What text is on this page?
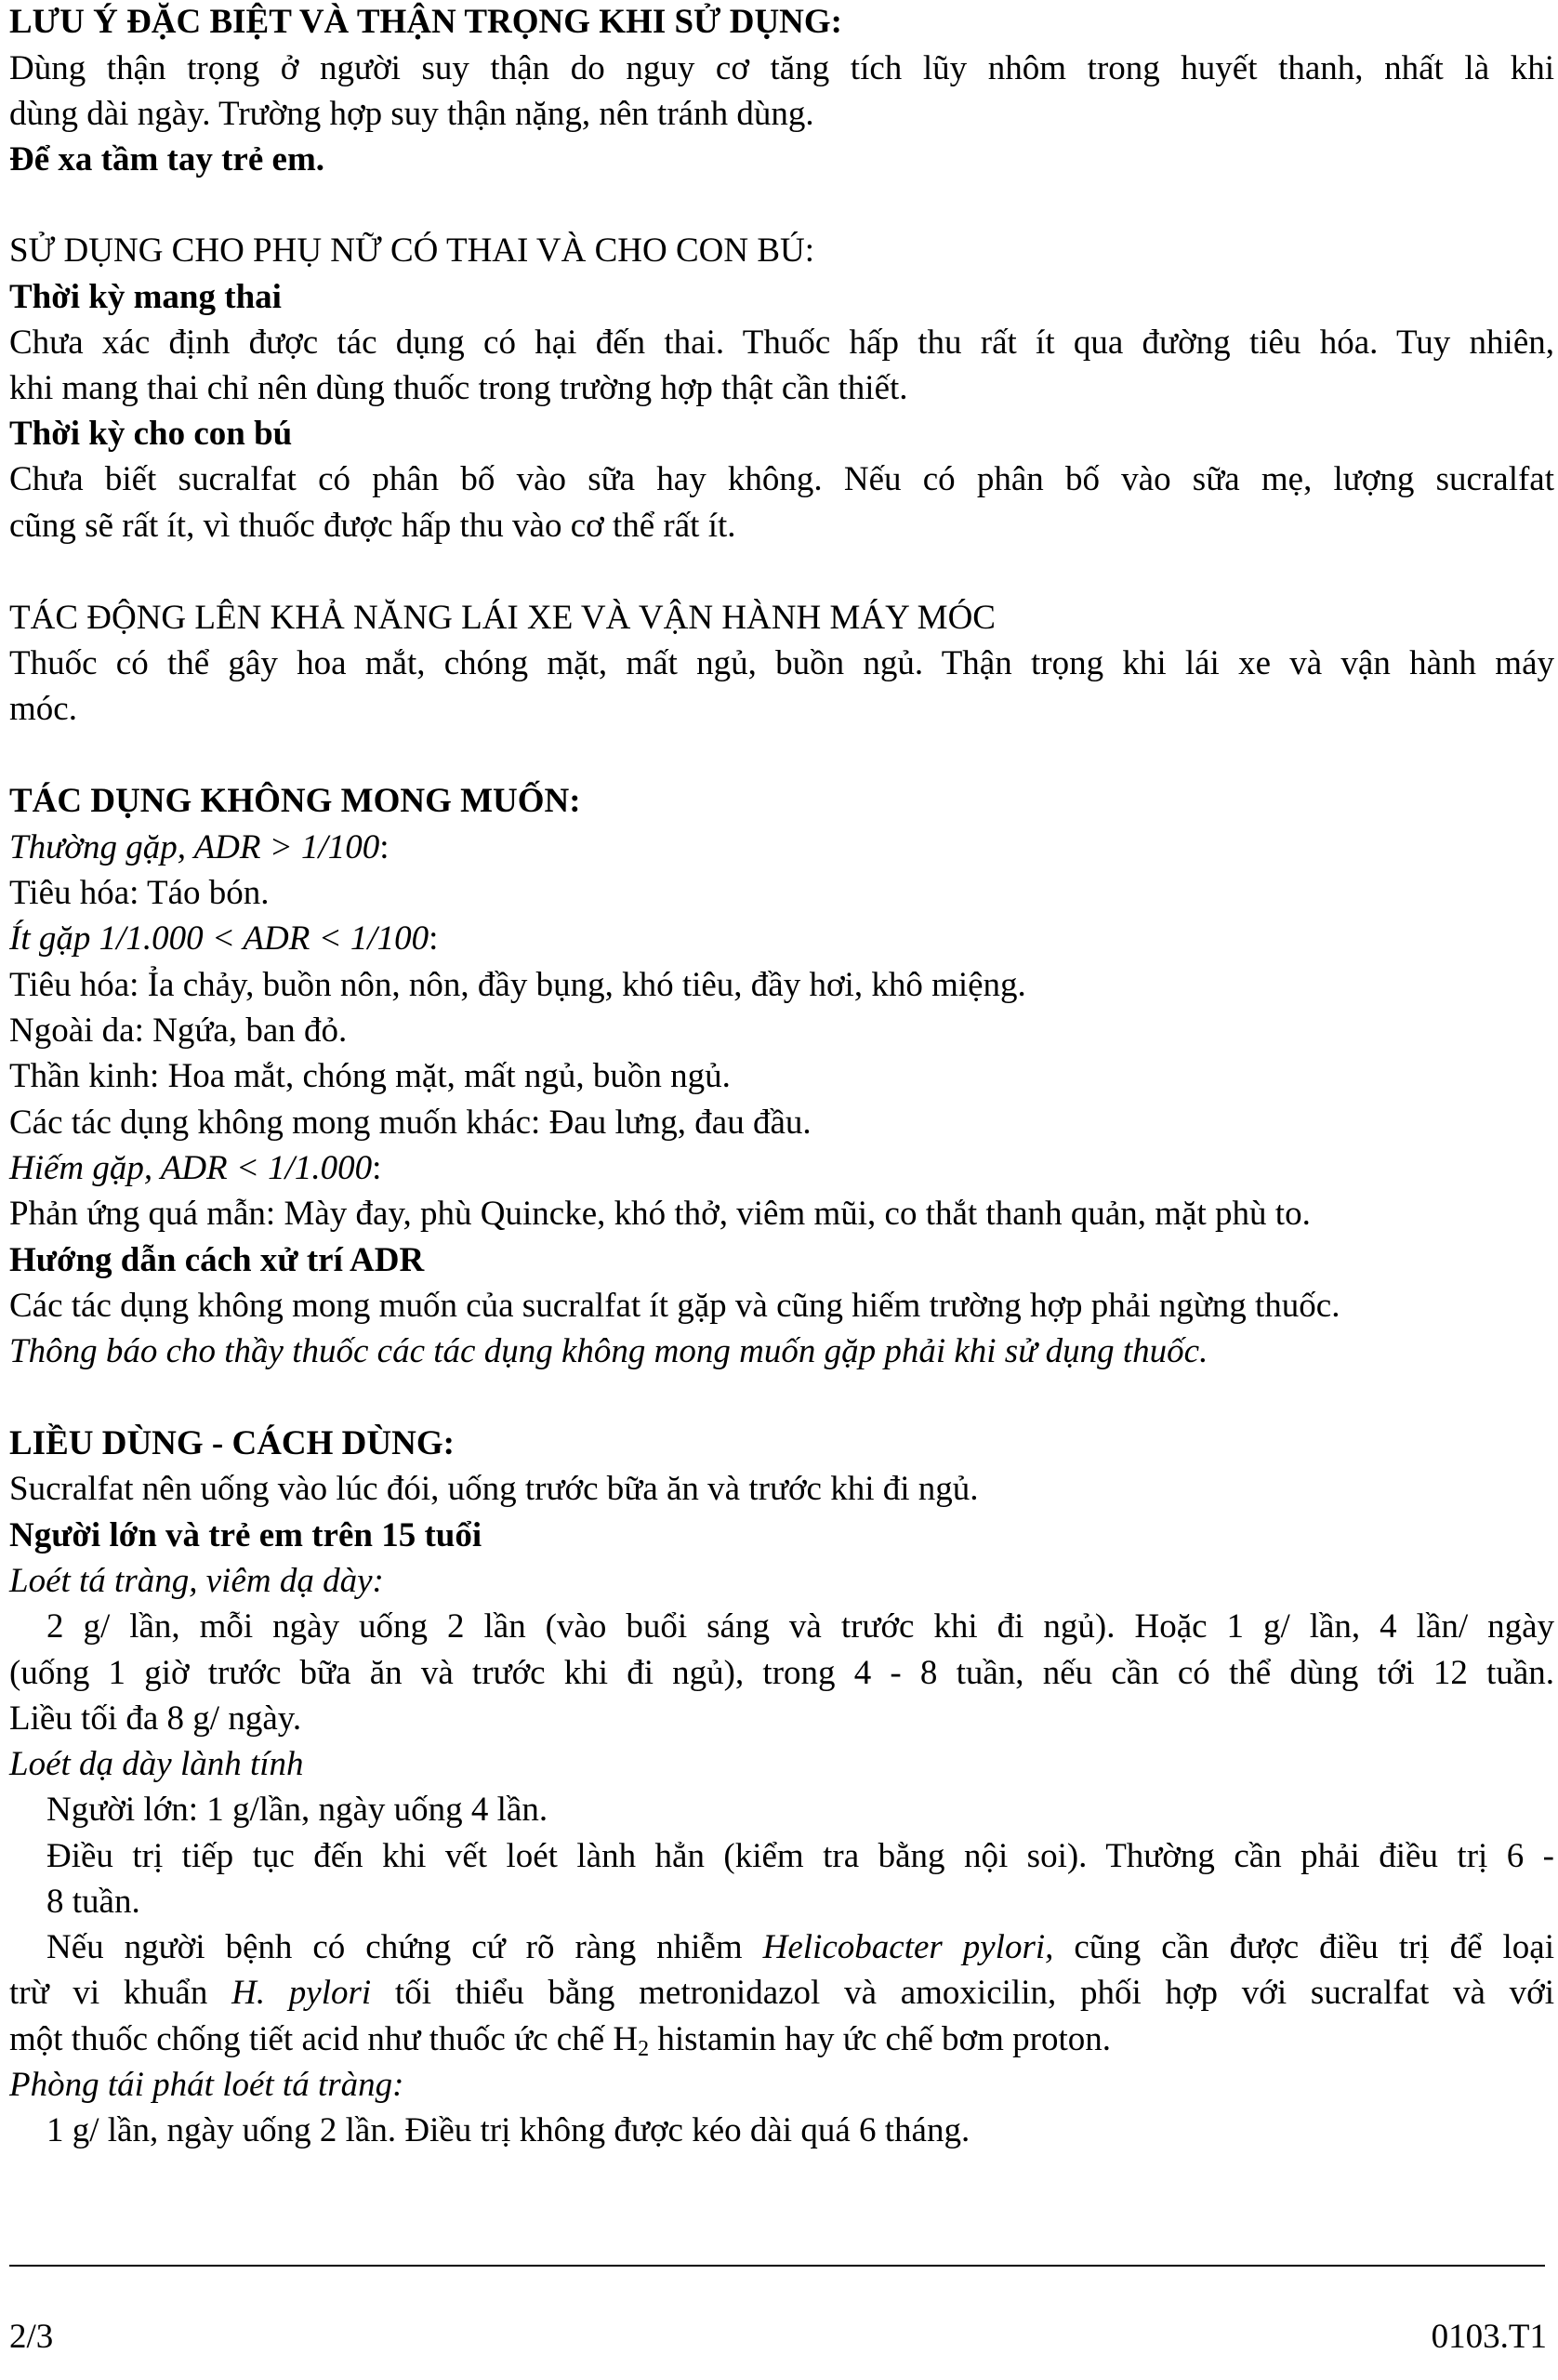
LƯU Ý ĐẶC BIỆT VÀ THẬN TRỌNG KHI SỬ DỤNG:
Dùng thận trọng ở người suy thận do nguy cơ tăng tích lũy nhôm trong huyết thanh, nhất là khi
dùng dài ngày. Trường hợp suy thận nặng, nên tránh dùng.
Để xa tầm tay trẻ em.
SỬ DỤNG CHO PHỤ NỮ CÓ THAI VÀ CHO CON BÚ:
Thời kỳ mang thai
Chưa xác định được tác dụng có hại đến thai. Thuốc hấp thu rất ít qua đường tiêu hóa. Tuy nhiên,
khi mang thai chỉ nên dùng thuốc trong trường hợp thật cần thiết.
Thời kỳ cho con bú
Chưa biết sucralfat có phân bố vào sữa hay không. Nếu có phân bố vào sữa mẹ, lượng sucralfat
cũng sẽ rất ít, vì thuốc được hấp thu vào cơ thể rất ít.
TÁC ĐỘNG LÊN KHẢ NĂNG LÁI XE VÀ VẬN HÀNH MÁY MÓC
Thuốc có thể gây hoa mắt, chóng mặt, mất ngủ, buồn ngủ. Thận trọng khi lái xe và vận hành máy
móc.
TÁC DỤNG KHÔNG MONG MUỐN:
Thường gặp, ADR > 1/100:
Tiêu hóa: Táo bón.
Ít gặp 1/1.000 < ADR < 1/100:
Tiêu hóa: Ỉa chảy, buồn nôn, nôn, đầy bụng, khó tiêu, đầy hơi, khô miệng.
Ngoài da: Ngứa, ban đỏ.
Thần kinh: Hoa mắt, chóng mặt, mất ngủ, buồn ngủ.
Các tác dụng không mong muốn khác: Đau lưng, đau đầu.
Hiếm gặp, ADR < 1/1.000:
Phản ứng quá mẫn: Mày đay, phù Quincke, khó thở, viêm mũi, co thắt thanh quản, mặt phù to.
Hướng dẫn cách xử trí ADR
Các tác dụng không mong muốn của sucralfat ít gặp và cũng hiếm trường hợp phải ngừng thuốc.
Thông báo cho thầy thuốc các tác dụng không mong muốn gặp phải khi sử dụng thuốc.
LIỀU DÙNG - CÁCH DÙNG:
Sucralfat nên uống vào lúc đói, uống trước bữa ăn và trước khi đi ngủ.
Người lớn và trẻ em trên 15 tuổi
Loét tá tràng, viêm dạ dày:
2 g/ lần, mỗi ngày uống 2 lần (vào buổi sáng và trước khi đi ngủ). Hoặc 1 g/ lần, 4 lần/ ngày
(uống 1 giờ trước bữa ăn và trước khi đi ngủ), trong 4 - 8 tuần, nếu cần có thể dùng tới 12 tuần.
Liều tối đa 8 g/ ngày.
Loét dạ dày lành tính
Người lớn: 1 g/lần, ngày uống 4 lần.
Điều trị tiếp tục đến khi vết loét lành hẳn (kiểm tra bằng nội soi). Thường cần phải điều trị 6 -
8 tuần.
Nếu người bệnh có chứng cứ rõ ràng nhiễm Helicobacter pylori, cũng cần được điều trị để loại
trừ vi khuẩn H. pylori tối thiểu bằng metronidazol và amoxicilin, phối hợp với sucralfat và với
một thuốc chống tiết acid như thuốc ức chế $H_2$ histamin hay ức chế bơm proton.
Phòng tái phát loét tá tràng:
1 g/ lần, ngày uống 2 lần. Điều trị không được kéo dài quá 6 tháng.
2/3	0103.T1
